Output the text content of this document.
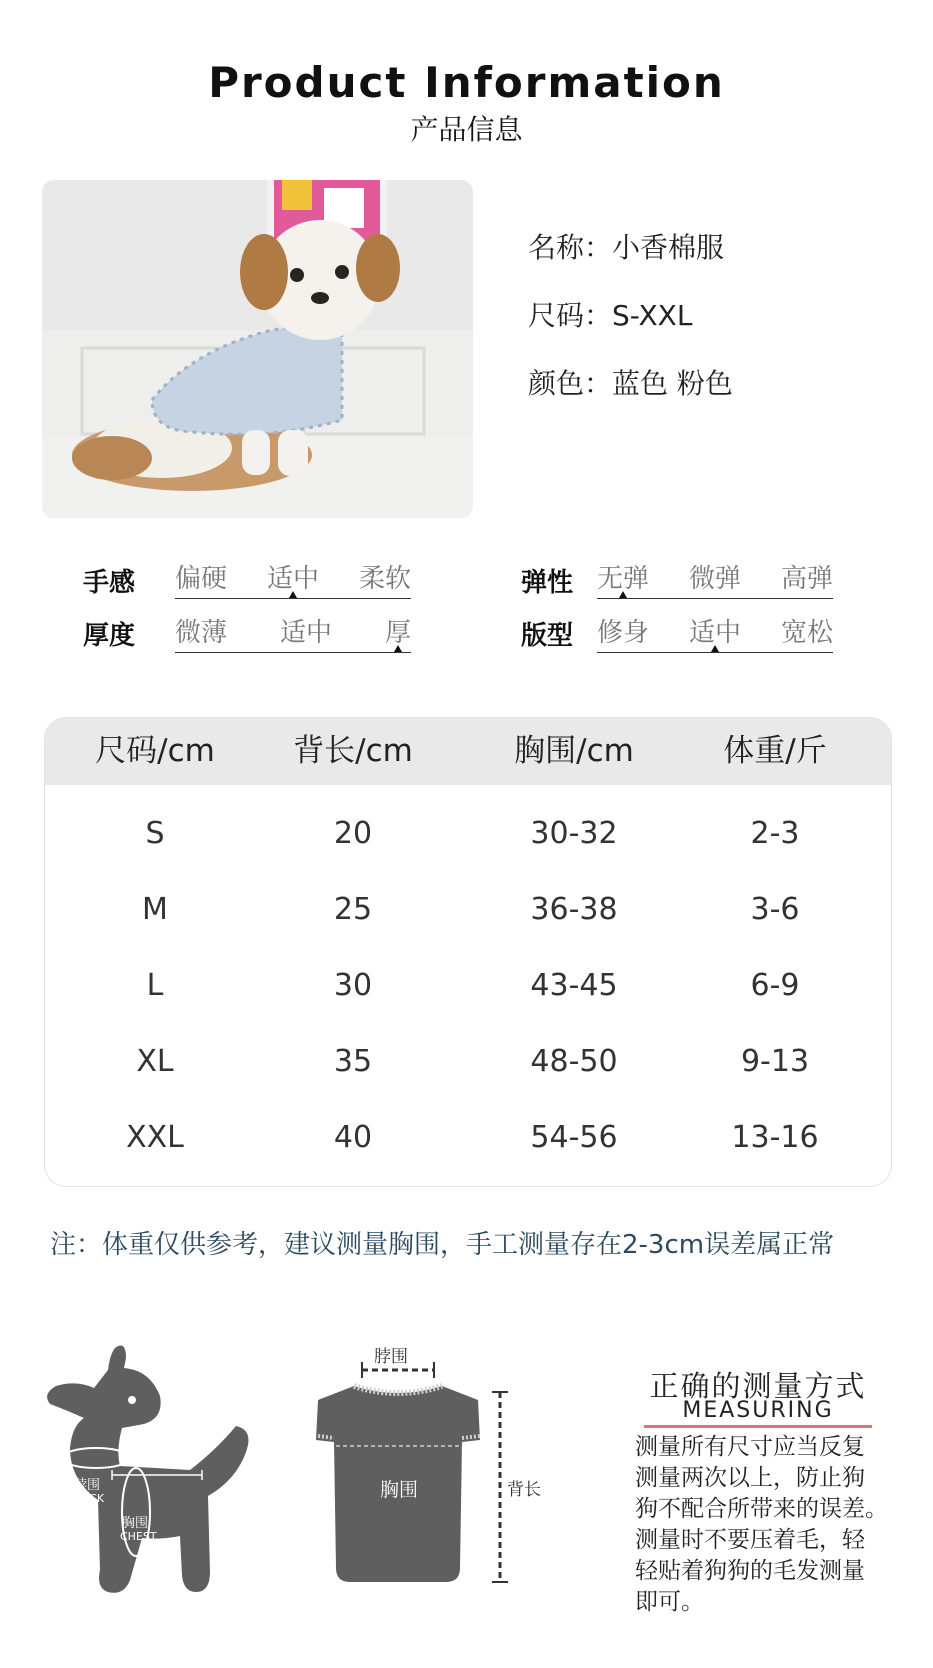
Product Information
产品信息
名称：小香棉服
尺码：S-XXL
颜色：蓝色 粉色
手感 偏硬 适中 柔软
厚度 微薄 适中 厚
弹性 无弹 微弹 高弹
版型 修身 适中 宽松
尺码/cm	背长/cm	胸围/cm	体重/斤
S	20	30-32	2-3
M	25	36-38	3-6
L	30	43-45	6-9
XL	35	48-50	9-13
XXL	40	54-56	13-16
注：体重仅供参考，建议测量胸围，手工测量存在2-3cm误差属正常
LENGTH背长
脖围
NECK
胸围
CHEST
脖围
胸围	背长
正确的测量方式
MEASURING
测量所有尺寸应当反复
测量两次以上，防止狗
狗不配合所带来的误差。
测量时不要压着毛，轻
轻贴着狗狗的毛发测量
即可。
